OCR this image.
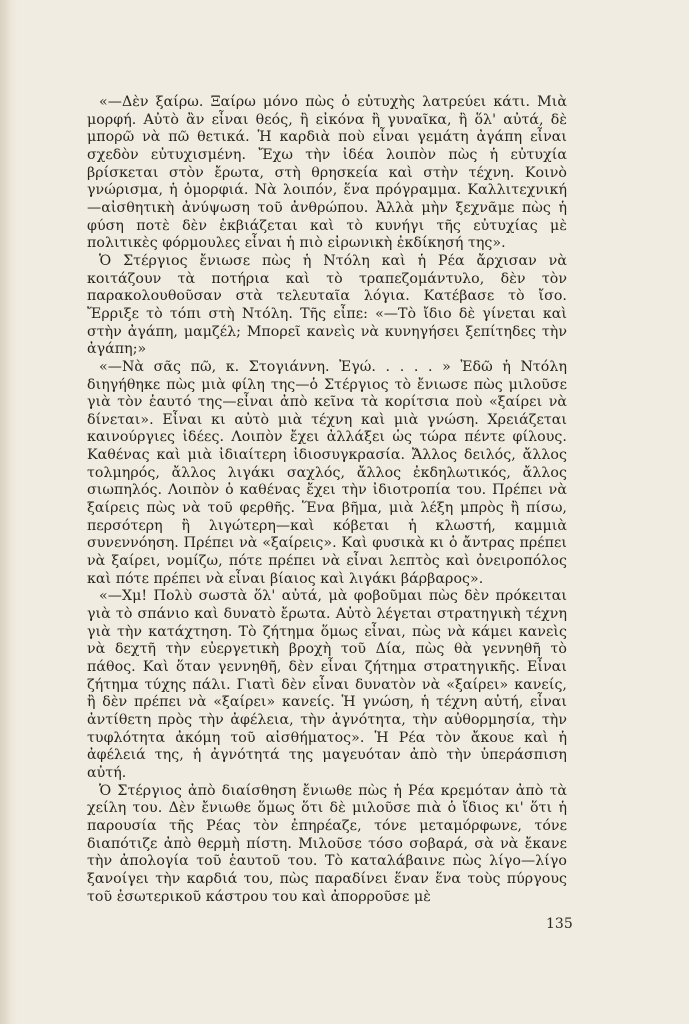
«—Δὲν ξαίρω. Ξαίρω μόνο πὼς ὁ εὐτυχὴς λατρεύει κάτι. Μιὰ μορφή. Αὐτὸ ἂν εἶναι θεός, ἢ εἰκόνα ἢ γυναῖκα, ἢ ὅλ' αὐτά, δὲ μπορῶ νὰ πῶ θετικά. Ἡ καρδιὰ ποὺ εἶναι γεμάτη ἀγάπη εἶναι σχεδὸν εὐτυχισμένη. Ἔχω τὴν ἰδέα λοιπὸν πὼς ἡ εὐτυχία βρίσκεται στὸν ἔρωτα, στὴ θρησκεία καὶ στὴν τέχνη. Κοινὸ γνώρισμα, ἡ ὁμορφιά. Νὰ λοιπόν, ἕνα πρόγραμμα. Καλλιτεχνική—αἰσθητικὴ ἀνύψωση τοῦ ἀνθρώπου. Ἀλλὰ μὴν ξεχνᾶμε πὼς ἡ φύση ποτὲ δὲν ἐκβιάζεται καὶ τὸ κυνήγι τῆς εὐτυχίας μὲ πολιτικὲς φόρμουλες εἶναι ἡ πιὸ εἰρωνικὴ ἐκδίκησή της».

Ὁ Στέργιος ἔνιωσε πὼς ἡ Ντόλη καὶ ἡ Ρέα ἄρχισαν νὰ κοιτάζουν τὰ ποτήρια καὶ τὸ τραπεζομάντυλο, δὲν τὸν παρακολουθοῦσαν στὰ τελευταῖα λόγια. Κατέβασε τὸ ἴσο. Ἔρριξε τὸ τόπι στὴ Ντόλη. Τῆς εἶπε: «—Τὸ ἴδιο δὲ γίνεται καὶ στὴν ἀγάπη, μαμζέλ; Μπορεῖ κανεὶς νὰ κυνηγήσει ξεπίτηδες τὴν ἀγάπη;»

«—Νὰ σᾶς πῶ, κ. Στογιάννη. Ἐγώ. . . . . » Ἐδῶ ἡ Ντόλη διηγήθηκε πὼς μιὰ φίλη της—ὁ Στέργιος τὸ ἔνιωσε πὼς μιλοῦσε γιὰ τὸν ἑαυτό της—εἶναι ἀπὸ κεῖνα τὰ κορίτσια ποὺ «ξαίρει νὰ δίνεται». Εἶναι κι αὐτὸ μιὰ τέχνη καὶ μιὰ γνώση. Χρειάζεται καινούργιες ἰδέες. Λοιπὸν ἔχει ἀλλάξει ὡς τώρα πέντε φίλους. Καθένας καὶ μιὰ ἰδιαίτερη ἰδιοσυγκρασία. Ἄλλος δειλός, ἄλλος τολμηρός, ἄλλος λιγάκι σαχλός, ἄλλος ἐκδηλωτικός, ἄλλος σιωπηλός. Λοιπὸν ὁ καθένας ἔχει τὴν ἰδιοτροπία του. Πρέπει νὰ ξαίρεις πὼς νὰ τοῦ φερθῆς. Ἕνα βῆμα, μιὰ λέξη μπρὸς ἢ πίσω, περσότερη ἢ λιγώτερη—καὶ κόβεται ἡ κλωστή, καμμιὰ συνεννόηση. Πρέπει νὰ «ξαίρεις». Καὶ φυσικὰ κι ὁ ἄντρας πρέπει νὰ ξαίρει, νομίζω, πότε πρέπει νὰ εἶναι λεπτὸς καὶ ὀνειροπόλος καὶ πότε πρέπει νὰ εἶναι βίαιος καὶ λιγάκι βάρβαρος».

«—Χμ! Πολὺ σωστὰ ὅλ' αὐτά, μὰ φοβοῦμαι πὼς δὲν πρόκειται γιὰ τὸ σπάνιο καὶ δυνατὸ ἔρωτα. Αὐτὸ λέγεται στρατηγικὴ τέχνη γιὰ τὴν κατάχτηση. Τὸ ζήτημα ὅμως εἶναι, πὼς νὰ κάμει κανεὶς νὰ δεχτῆ τὴν εὐεργετικὴ βροχὴ τοῦ Δία, πὼς θὰ γεννηθῆ τὸ πάθος. Καὶ ὅταν γεννηθῆ, δὲν εἶναι ζήτημα στρατηγικῆς. Εἶναι ζήτημα τύχης πάλι. Γιατὶ δὲν εἶναι δυνατὸν νὰ «ξαίρει» κανείς, ἢ δὲν πρέπει νὰ «ξαίρει» κανείς. Ἡ γνώση, ἡ τέχνη αὐτή, εἶναι ἀντίθετη πρὸς τὴν ἀφέλεια, τὴν ἀγνότητα, τὴν αὐθορμησία, τὴν τυφλότητα ἀκόμη τοῦ αἰσθήματος». Ἡ Ρέα τὸν ἄκουε καὶ ἡ ἀφέλειά της, ἡ ἀγνότητά της μαγευόταν ἀπὸ τὴν ὑπεράσπιση αὐτή.

Ὁ Στέργιος ἀπὸ διαίσθηση ἔνιωθε πὼς ἡ Ρέα κρεμόταν ἀπὸ τὰ χείλη του. Δὲν ἔνιωθε ὅμως ὅτι δὲ μιλοῦσε πιὰ ὁ ἴδιος κι' ὅτι ἡ παρουσία τῆς Ρέας τὸν ἐπηρέαζε, τόνε μεταμόρφωνε, τόνε διαπότιζε ἀπὸ θερμὴ πίστη. Μιλοῦσε τόσο σοβαρά, σὰ νὰ ἔκανε τὴν ἀπολογία τοῦ ἑαυτοῦ του. Τὸ καταλάβαινε πὼς λίγο—λίγο ξανοίγει τὴν καρδιά του, πὼς παραδίνει ἕναν ἕνα τοὺς πύργους τοῦ ἐσωτερικοῦ κάστρου του καὶ ἀπορροῦσε μὲ

135
